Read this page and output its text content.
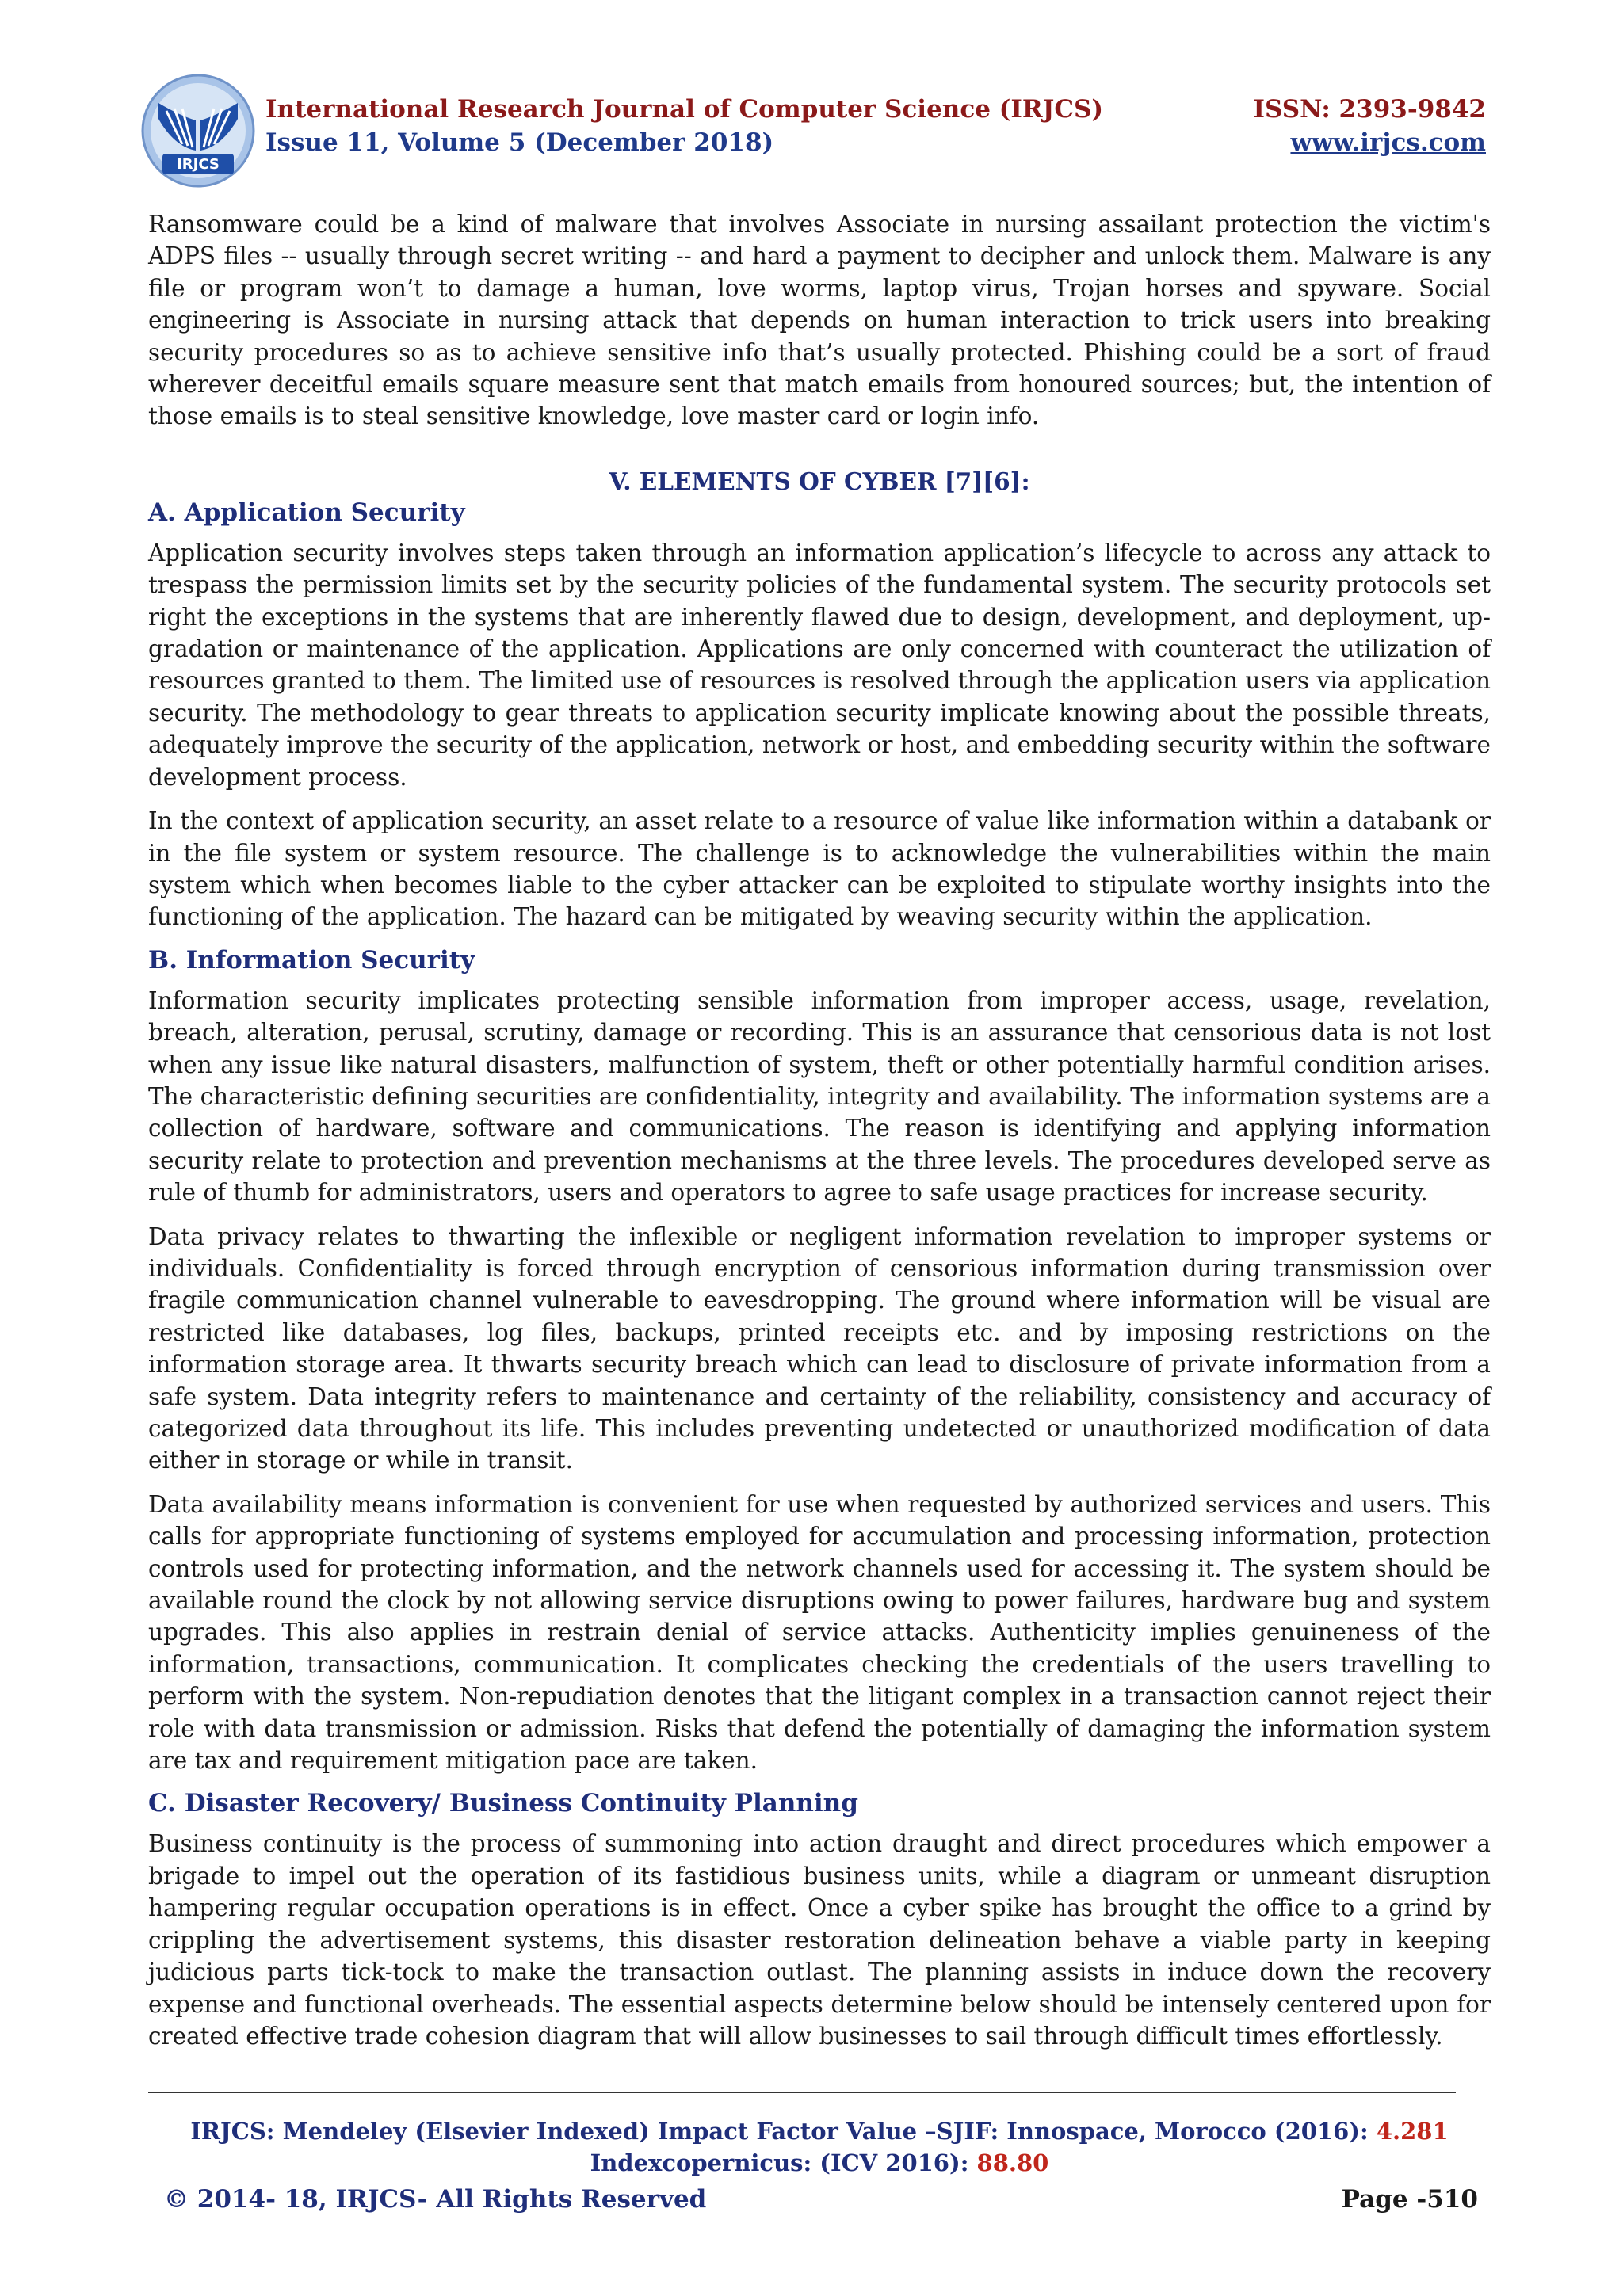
IRJCS
International Research Journal of Computer Science (IRJCS)
Issue 11, Volume 5 (December 2018)
ISSN: 2393-9842
www.irjcs.com

Ransomware could be a kind of malware that involves Associate in nursing assailant protection the victim's ADPS files -- usually through secret writing -- and hard a payment to decipher and unlock them. Malware is any file or program won’t to damage a human, love worms, laptop virus, Trojan horses and spyware. Social engineering is Associate in nursing attack that depends on human interaction to trick users into breaking security procedures so as to achieve sensitive info that’s usually protected. Phishing could be a sort of fraud wherever deceitful emails square measure sent that match emails from honoured sources; but, the intention of those emails is to steal sensitive knowledge, love master card or login info.

V. ELEMENTS OF CYBER [7][6]:
A. Application Security

Application security involves steps taken through an information application’s lifecycle to across any attack to trespass the permission limits set by the security policies of the fundamental system. The security protocols set right the exceptions in the systems that are inherently flawed due to design, development, and deployment, up-gradation or maintenance of the application. Applications are only concerned with counteract the utilization of resources granted to them. The limited use of resources is resolved through the application users via application security. The methodology to gear threats to application security implicate knowing about the possible threats, adequately improve the security of the application, network or host, and embedding security within the software development process.

In the context of application security, an asset relate to a resource of value like information within a databank or in the file system or system resource. The challenge is to acknowledge the vulnerabilities within the main system which when becomes liable to the cyber attacker can be exploited to stipulate worthy insights into the functioning of the application. The hazard can be mitigated by weaving security within the application.

B. Information Security

Information security implicates protecting sensible information from improper access, usage, revelation, breach, alteration, perusal, scrutiny, damage or recording. This is an assurance that censorious data is not lost when any issue like natural disasters, malfunction of system, theft or other potentially harmful condition arises. The characteristic defining securities are confidentiality, integrity and availability. The information systems are a collection of hardware, software and communications. The reason is identifying and applying information security relate to protection and prevention mechanisms at the three levels. The procedures developed serve as rule of thumb for administrators, users and operators to agree to safe usage practices for increase security.

Data privacy relates to thwarting the inflexible or negligent information revelation to improper systems or individuals. Confidentiality is forced through encryption of censorious information during transmission over fragile communication channel vulnerable to eavesdropping. The ground where information will be visual are restricted like databases, log files, backups, printed receipts etc. and by imposing restrictions on the information storage area. It thwarts security breach which can lead to disclosure of private information from a safe system. Data integrity refers to maintenance and certainty of the reliability, consistency and accuracy of categorized data throughout its life. This includes preventing undetected or unauthorized modification of data either in storage or while in transit.

Data availability means information is convenient for use when requested by authorized services and users. This calls for appropriate functioning of systems employed for accumulation and processing information, protection controls used for protecting information, and the network channels used for accessing it. The system should be available round the clock by not allowing service disruptions owing to power failures, hardware bug and system upgrades. This also applies in restrain denial of service attacks. Authenticity implies genuineness of the information, transactions, communication. It complicates checking the credentials of the users travelling to perform with the system. Non-repudiation denotes that the litigant complex in a transaction cannot reject their role with data transmission or admission. Risks that defend the potentially of damaging the information system are tax and requirement mitigation pace are taken.

C. Disaster Recovery/ Business Continuity Planning

Business continuity is the process of summoning into action draught and direct procedures which empower a brigade to impel out the operation of its fastidious business units, while a diagram or unmeant disruption hampering regular occupation operations is in effect. Once a cyber spike has brought the office to a grind by crippling the advertisement systems, this disaster restoration delineation behave a viable party in keeping judicious parts tick-tock to make the transaction outlast. The planning assists in induce down the recovery expense and functional overheads. The essential aspects determine below should be intensely centered upon for created effective trade cohesion diagram that will allow businesses to sail through difficult times effortlessly.

IRJCS: Mendeley (Elsevier Indexed) Impact Factor Value –SJIF: Innospace, Morocco (2016): 4.281
Indexcopernicus: (ICV 2016): 88.80
© 2014- 18, IRJCS- All Rights Reserved	Page -510
